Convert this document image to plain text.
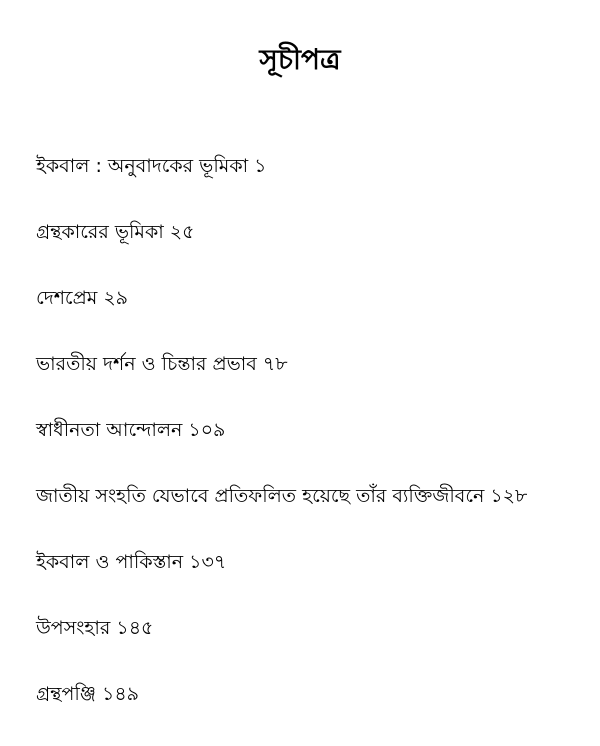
সূচীপত্র
ইকবাল : অনুবাদকের ভূমিকা ১
গ্রন্থকারের ভূমিকা ২৫
দেশপ্রেম ২৯
ভারতীয় দর্শন ও চিন্তার প্রভাব ৭৮
স্বাধীনতা আন্দোলন ১০৯
জাতীয় সংহতি যেভাবে প্রতিফলিত হয়েছে তাঁর ব্যক্তিজীবনে ১২৮
ইকবাল ও পাকিস্তান ১৩৭
উপসংহার ১৪৫
গ্রন্থপঞ্জি ১৪৯
